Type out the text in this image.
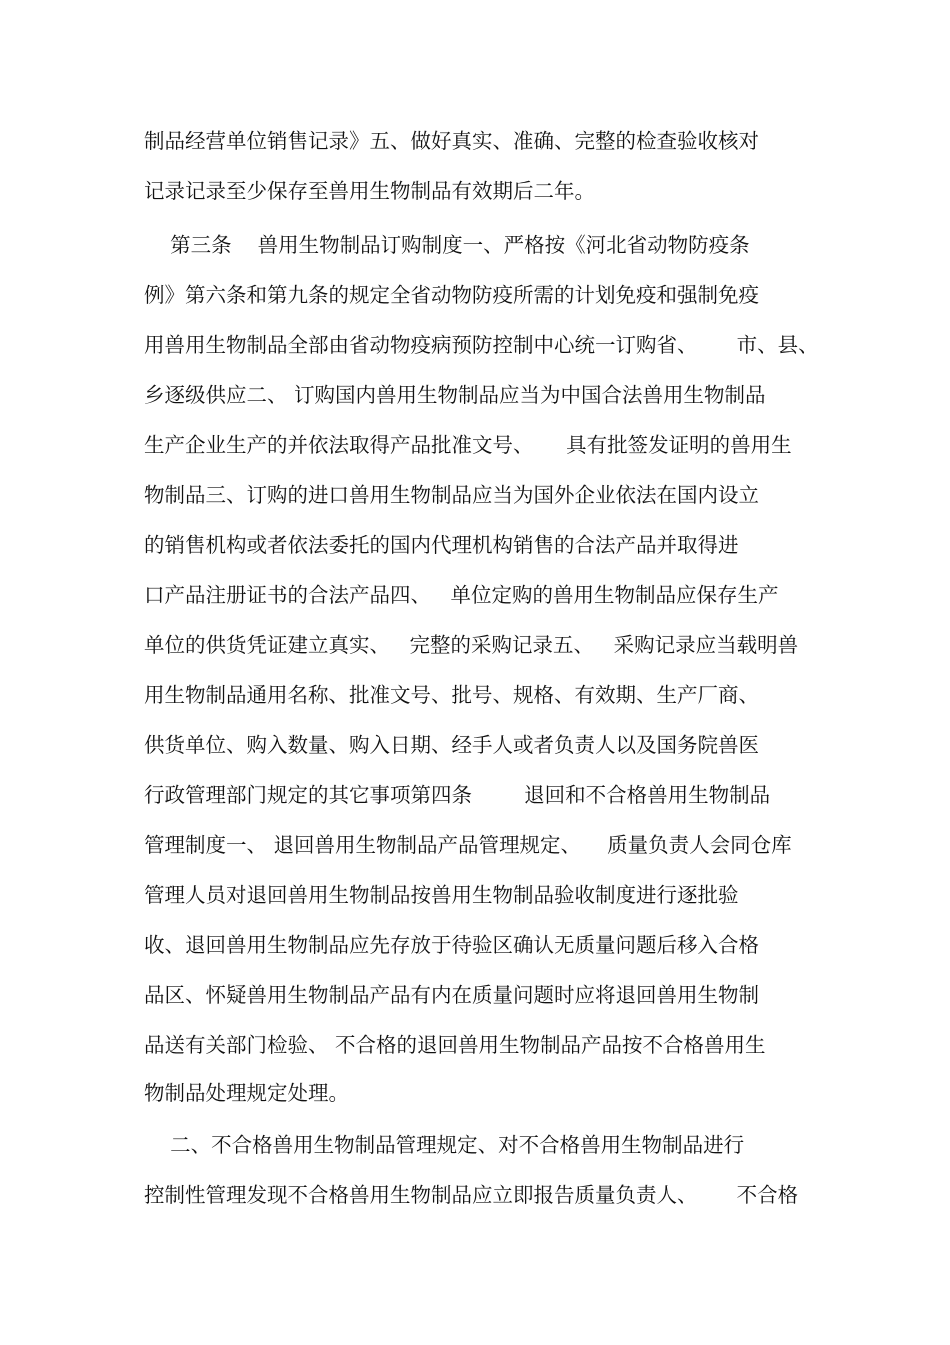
制品经营单位销售记录》五、做好真实、准确、完整的检查验收核对
记录记录至少保存至兽用生物制品有效期后二年。
第三条    兽用生物制品订购制度一、严格按《河北省动物防疫条
例》第六条和第九条的规定全省动物防疫所需的计划免疫和强制免疫
用兽用生物制品全部由省动物疫病预防控制中心统一订购省、      市、县、
乡逐级供应二、 订购国内兽用生物制品应当为中国合法兽用生物制品
生产企业生产的并依法取得产品批准文号、     具有批签发证明的兽用生
物制品三、订购的进口兽用生物制品应当为国外企业依法在国内设立
的销售机构或者依法委托的国内代理机构销售的合法产品并取得进
口产品注册证书的合法产品四、   单位定购的兽用生物制品应保存生产
单位的供货凭证建立真实、   完整的采购记录五、   采购记录应当载明兽
用生物制品通用名称、批准文号、批号、规格、有效期、生产厂商、
供货单位、购入数量、购入日期、经手人或者负责人以及国务院兽医
行政管理部门规定的其它事项第四条        退回和不合格兽用生物制品
管理制度一、 退回兽用生物制品产品管理规定、    质量负责人会同仓库
管理人员对退回兽用生物制品按兽用生物制品验收制度进行逐批验
收、退回兽用生物制品应先存放于待验区确认无质量问题后移入合格
品区、怀疑兽用生物制品产品有内在质量问题时应将退回兽用生物制
品送有关部门检验、 不合格的退回兽用生物制品产品按不合格兽用生
物制品处理规定处理。
二、不合格兽用生物制品管理规定、对不合格兽用生物制品进行
控制性管理发现不合格兽用生物制品应立即报告质量负责人、      不合格
